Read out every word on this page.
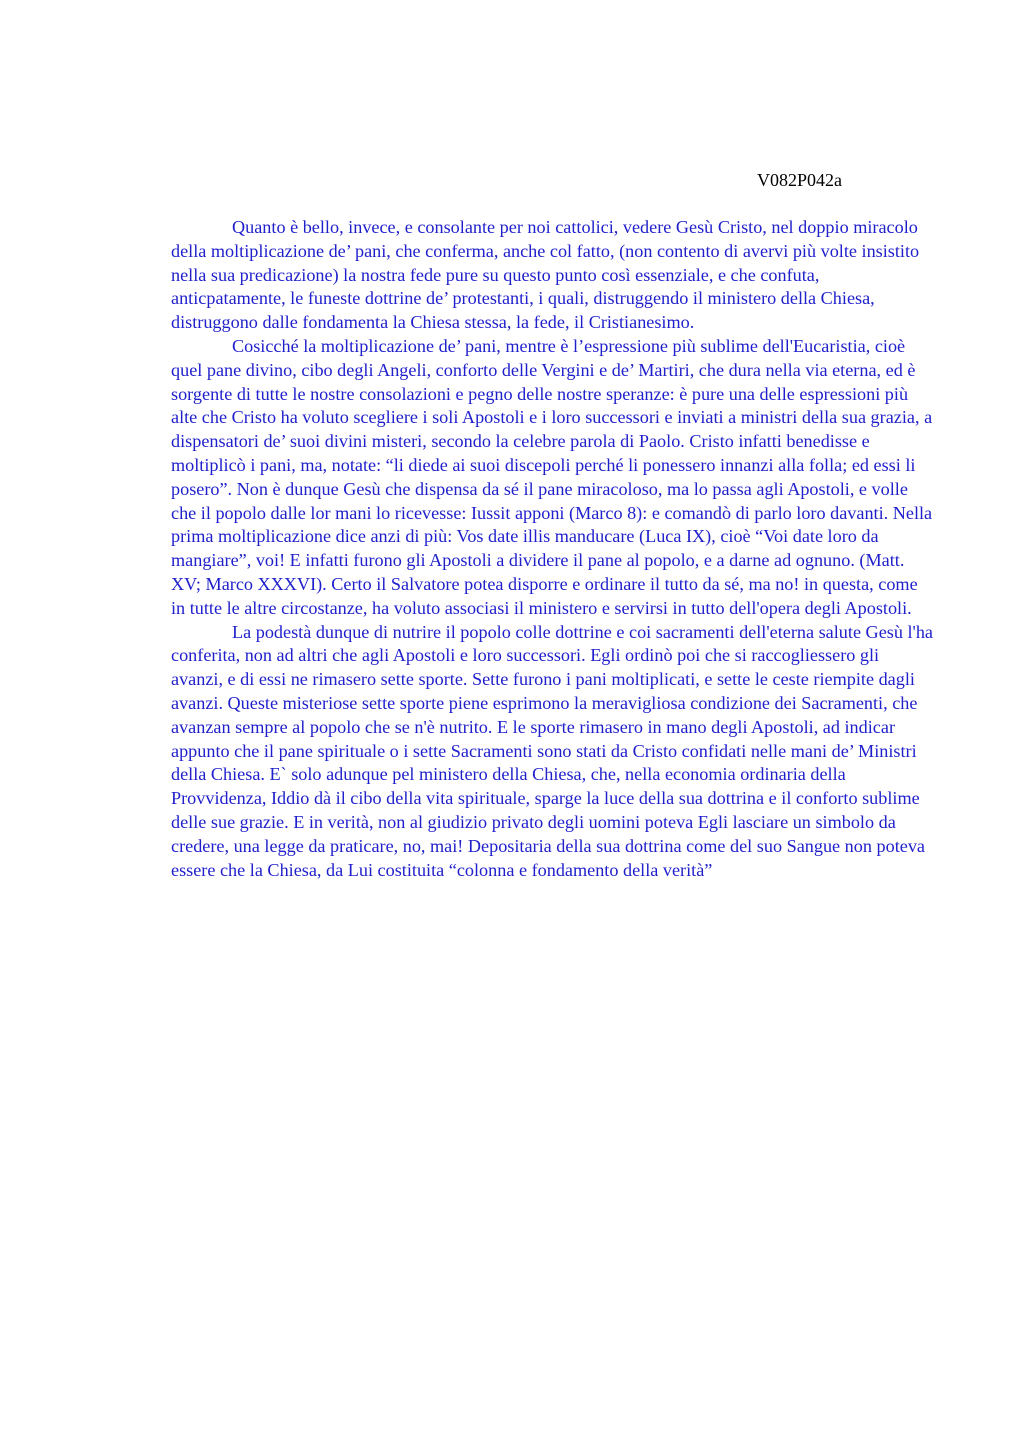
V082P042a

Quanto è bello, invece, e consolante per noi cattolici, vedere Gesù Cristo, nel doppio miracolo della moltiplicazione de’ pani, che conferma, anche col fatto, (non contento di avervi più volte insistito nella sua predicazione) la nostra fede pure su questo punto così essenziale, e che confuta, anticpatamente, le funeste dottrine de’ protestanti, i quali, distruggendo il ministero della Chiesa, distruggono dalle fondamenta la Chiesa stessa, la fede, il Cristianesimo.

Cosicché la moltiplicazione de’ pani, mentre è l’espressione più sublime dell'Eucaristia, cioè quel pane divino, cibo degli Angeli, conforto delle Vergini e de’ Martiri, che dura nella via eterna, ed è sorgente di tutte le nostre consolazioni e pegno delle nostre speranze: è pure una delle espressioni più alte che Cristo ha voluto scegliere i soli Apostoli e i loro successori e inviati a ministri della sua grazia, a dispensatori de’ suoi divini misteri, secondo la celebre parola di Paolo. Cristo infatti benedisse e moltiplicò i pani, ma, notate: “li diede ai suoi discepoli perché li ponessero innanzi alla folla; ed essi li posero”. Non è dunque Gesù che dispensa da sé il pane miracoloso, ma lo passa agli Apostoli, e volle che il popolo dalle lor mani lo ricevesse: Iussit apponi (Marco 8): e comandò di parlo loro davanti. Nella prima moltiplicazione dice anzi di più: Vos date illis manducare (Luca IX), cioè “Voi date loro da mangiare”, voi! E infatti furono gli Apostoli a dividere il pane al popolo, e a darne ad ognuno. (Matt. XV; Marco XXXVI). Certo il Salvatore potea disporre e ordinare il tutto da sé, ma no! in questa, come in tutte le altre circostanze, ha voluto associasi il ministero e servirsi in tutto dell'opera degli Apostoli.

La podestà dunque di nutrire il popolo colle dottrine e coi sacramenti dell'eterna salute Gesù l'ha conferita, non ad altri che agli Apostoli e loro successori. Egli ordinò poi che si raccogliessero gli avanzi, e di essi ne rimasero sette sporte. Sette furono i pani moltiplicati, e sette le ceste riempite dagli avanzi. Queste misteriose sette sporte piene esprimono la meravigliosa condizione dei Sacramenti, che avanzan sempre al popolo che se n'è nutrito. E le sporte rimasero in mano degli Apostoli, ad indicar appunto che il pane spirituale o i sette Sacramenti sono stati da Cristo confidati nelle mani de’ Ministri della Chiesa. E` solo adunque pel ministero della Chiesa, che, nella economia ordinaria della Provvidenza, Iddio dà il cibo della vita spirituale, sparge la luce della sua dottrina e il conforto sublime delle sue grazie. E in verità, non al giudizio privato degli uomini poteva Egli lasciare un simbolo da credere, una legge da praticare, no, mai! Depositaria della sua dottrina come del suo Sangue non poteva essere che la Chiesa, da Lui costituita “colonna e fondamento della verità”
